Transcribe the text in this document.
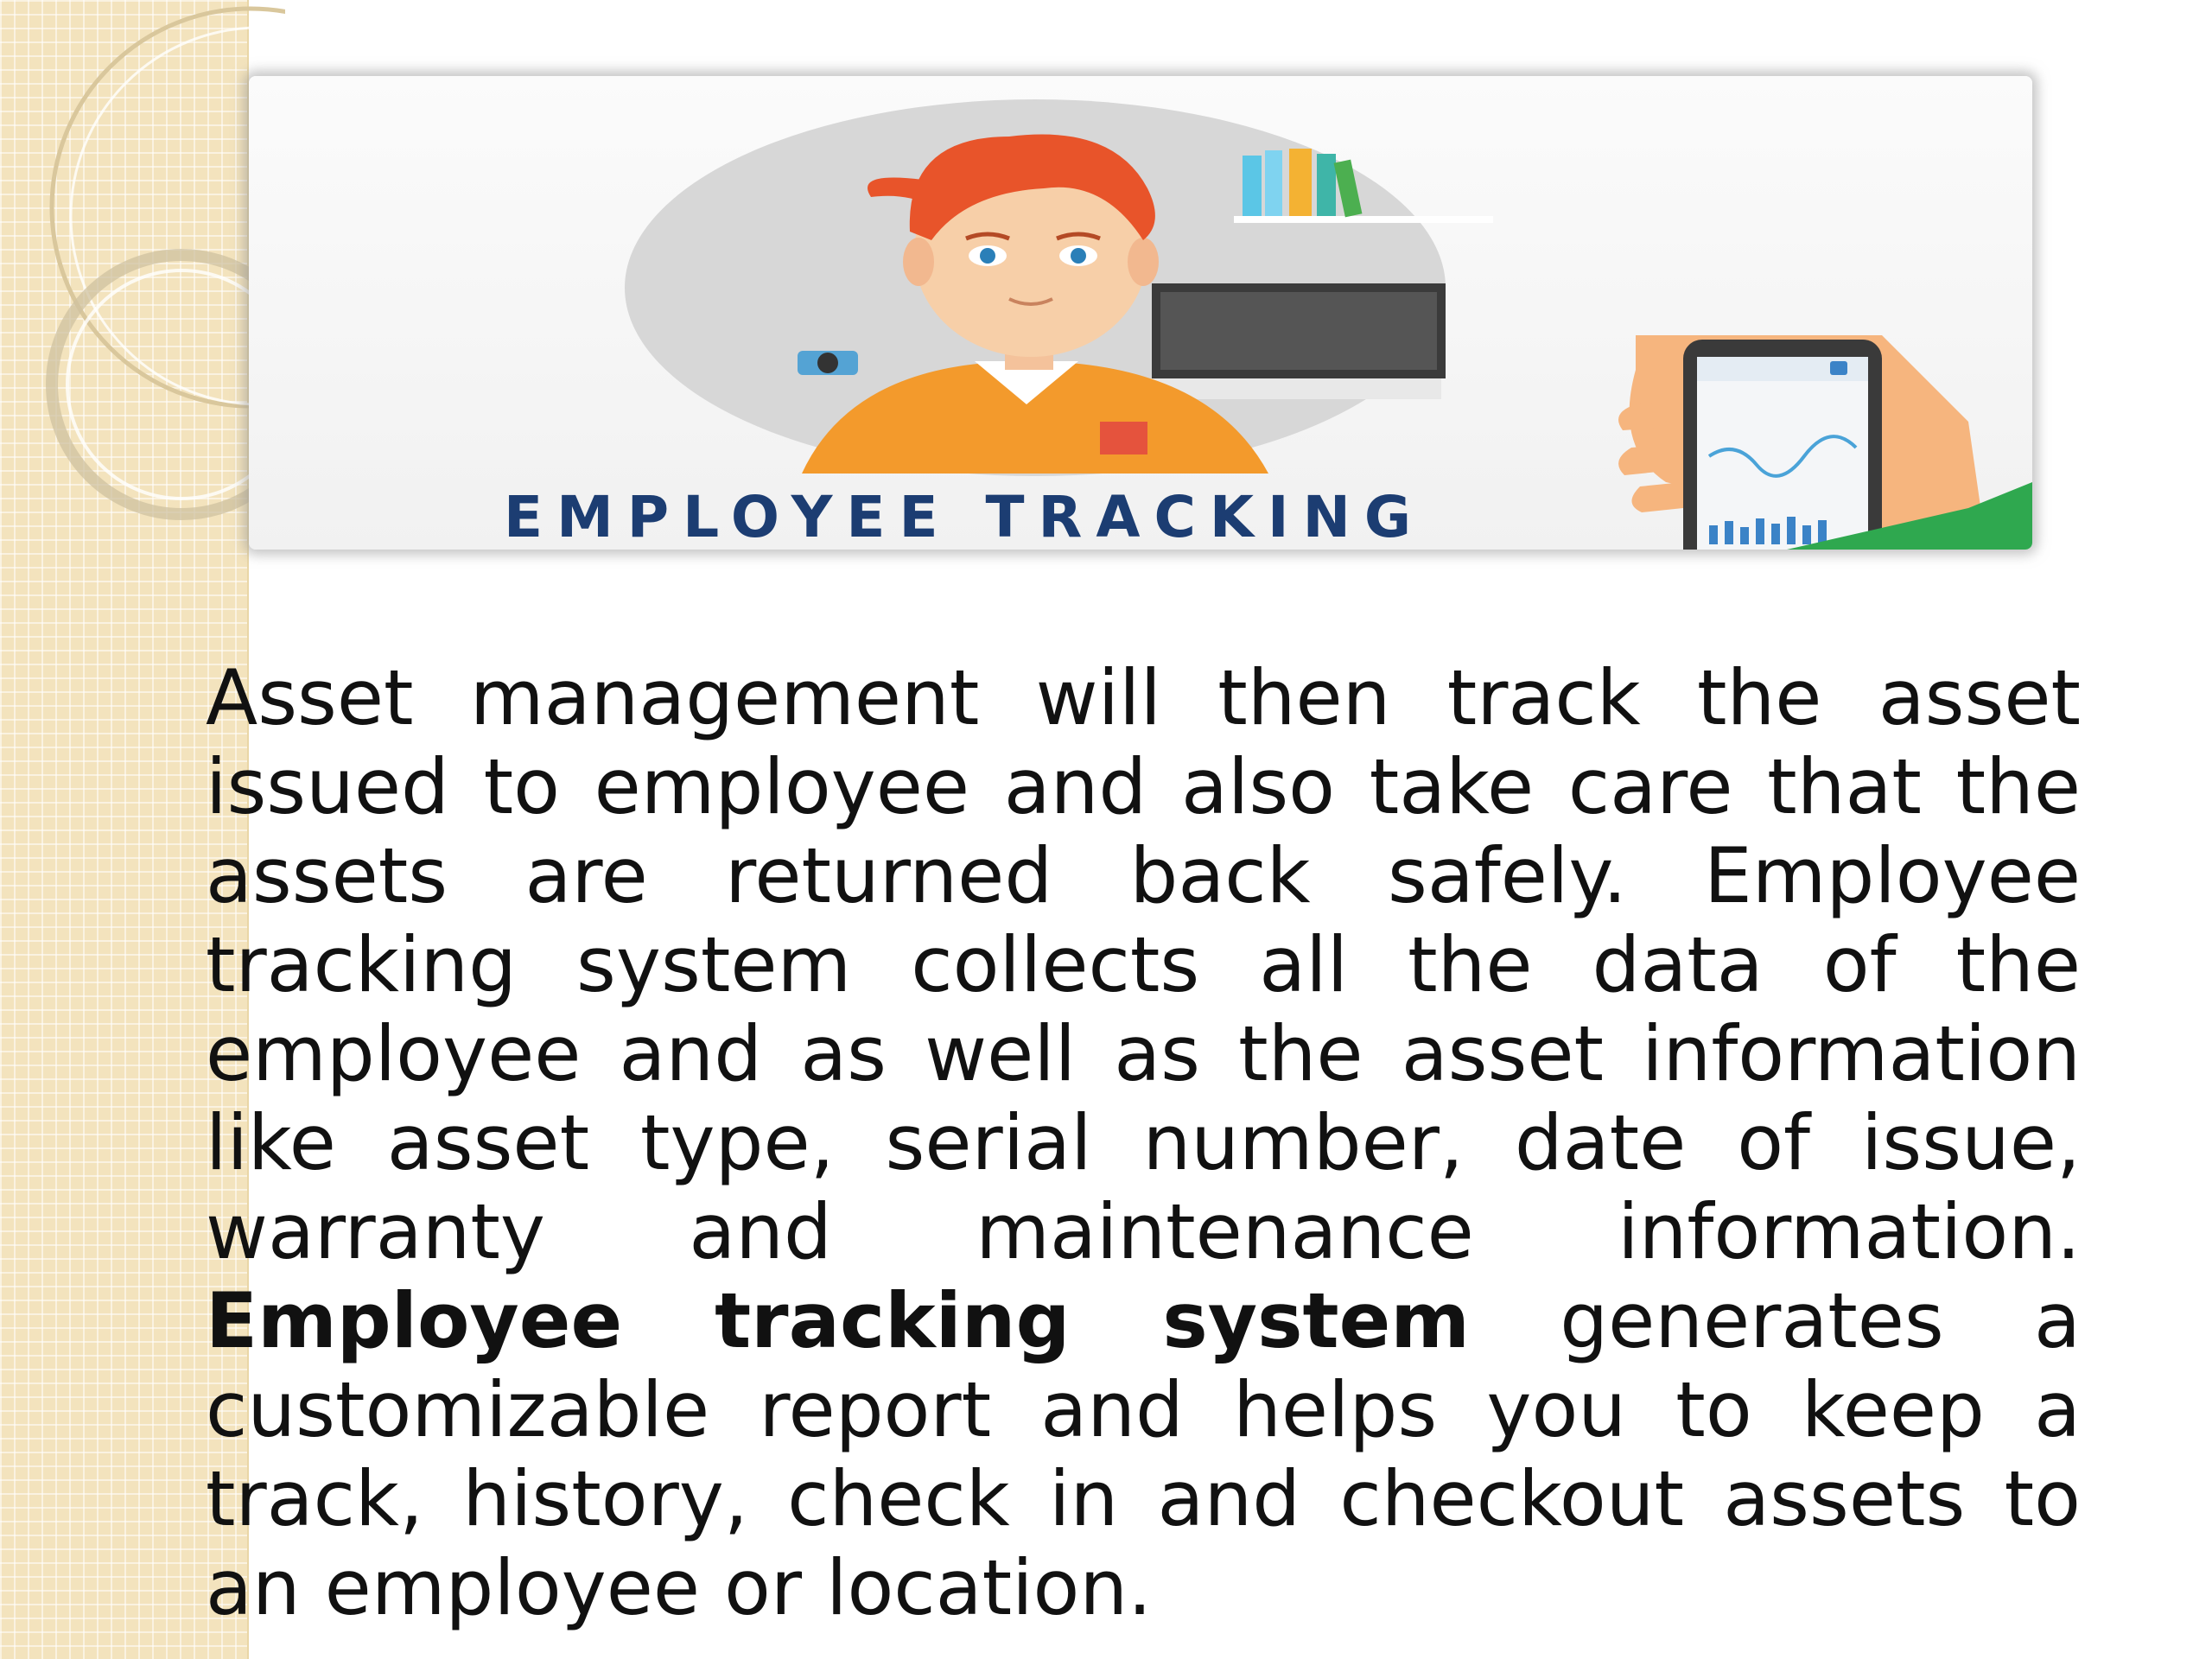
EMPLOYEE TRACKING

Asset management will then track the asset issued to employee and also take care that the assets are returned back safely. Employee tracking system collects all the data of the employee and as well as the asset information like asset type, serial number, date of issue, warranty and maintenance information. Employee tracking system generates a customizable report and helps you to keep a track, history, check in and checkout assets to an employee or location.
